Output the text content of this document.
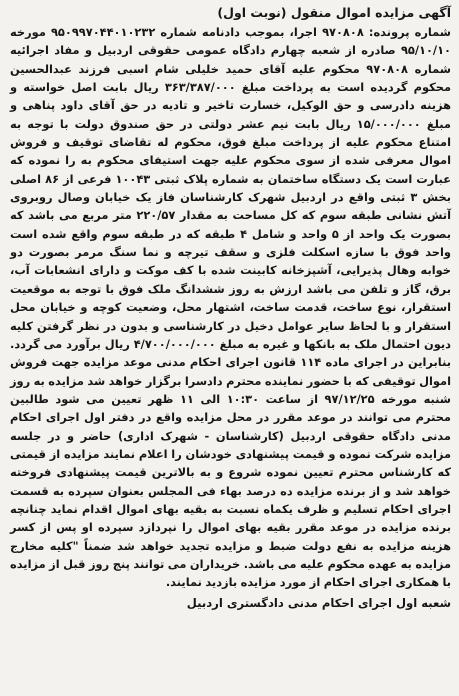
آگهی مزایده اموال منقول (نوبت اول)

شماره پرونده: ۹۷۰۸۰۸ اجرا، بموجب دادنامه شماره ۹۵۰۹۹۷۰۴۴۰۱۰۲۳۲ مورخه ۹۵/۱۰/۱۰ صادره از شعبه چهارم دادگاه عمومی حقوقی اردبیل و مفاد اجرائیه شماره ۹۷۰۸۰۸ محکوم علیه آقای حمید خلیلی شام اسبی فرزند عبدالحسین محکوم گردیده است به پرداخت مبلغ ۳۶۳/۳۸۷/۰۰۰ ریال بابت اصل خواسته و هزینه دادرسی و حق الوکیل، خسارت تاخیر و تادیه در حق آقای داود پناهی و مبلغ ۱۵/۰۰۰/۰۰۰ ریال بابت نیم عشر دولتی در حق صندوق دولت با توجه به امتناع محکوم علیه از پرداخت مبلغ فوق، محکوم له تقاضای توقیف و فروش اموال معرفی شده از سوی محکوم علیه جهت استیفای محکوم به را نموده که عبارت است یک دستگاه ساختمان به شماره پلاک ثبتی ۱۰۰۴۳ فرعی از ۸۶ اصلی بخش ۳ ثبتی واقع در اردبیل شهرک کارشناسان فاز یک خیابان وصال روبروی آتش نشانی طبقه سوم که کل مساحت به مقدار ۲۲۰/۵۷ متر مربع می باشد که بصورت یک واحد از ۵ واحد و شامل ۴ طبقه که در طبقه سوم واقع شده است واحد فوق با سازه اسکلت فلزی و سقف تیرچه و نما سنگ مرمر بصورت دو خوابه وهال پذیرایی، آشپزخانه کابینت شده با کف موکت و دارای انشعابات آب، برق، گاز و تلفن می باشد ارزش به روز ششدانگ ملک فوق با توجه به موقعیت استقرار، نوع ساخت، قدمت ساخت، اشتهار محل، وضعیت کوچه و خیابان محل استقرار و با لحاظ سایر عوامل دخیل در کارشناسی و بدون در نظر گرفتن کلیه دیون احتمال ملک به بانکها و غیره به مبلغ ۴/۷۰۰/۰۰۰/۰۰۰ ریال برآورد می گردد. بنابراین در اجرای ماده ۱۱۴ قانون اجرای احکام مدنی موعد مزایده جهت فروش اموال توقیفی که با حضور نماینده محترم دادسرا برگزار خواهد شد مزایده به روز شنبه مورخه ۹۷/۱۲/۲۵ از ساعت ۱۰:۳۰ الی ۱۱ ظهر تعیین می شود طالبین محترم می توانند در موعد مقرر در محل مزایده واقع در دفتر اول اجرای احکام مدنی دادگاه حقوقی اردبیل (کارشناسان - شهرک اداری) حاضر و در جلسه مزایده شرکت نموده و قیمت پیشنهادی خودشان را اعلام نمایند مزایده از قیمتی که کارشناس محترم تعیین نموده شروع و به بالاترین قیمت پیشنهادی فروخته خواهد شد و از برنده مزایده ده درصد بهاء فی المجلس بعنوان سپرده به قسمت اجرای احکام تسلیم و ظرف یکماه نسبت به بقیه بهای اموال اقدام نماید چنانچه برنده مزایده در موعد مقرر بقیه بهای اموال را نپردازد سپرده او پس از کسر هزینه مزایده به نفع دولت ضبط و مزایده تجدید خواهد شد ضمناً "کلیه مخارج مزایده به عهده محکوم علیه می باشد. خریداران می توانند پنج روز قبل از مزایده با همکاری اجرای احکام از مورد مزایده بازدید نمایند.

شعبه اول اجرای احکام مدنی دادگستری اردبیل
